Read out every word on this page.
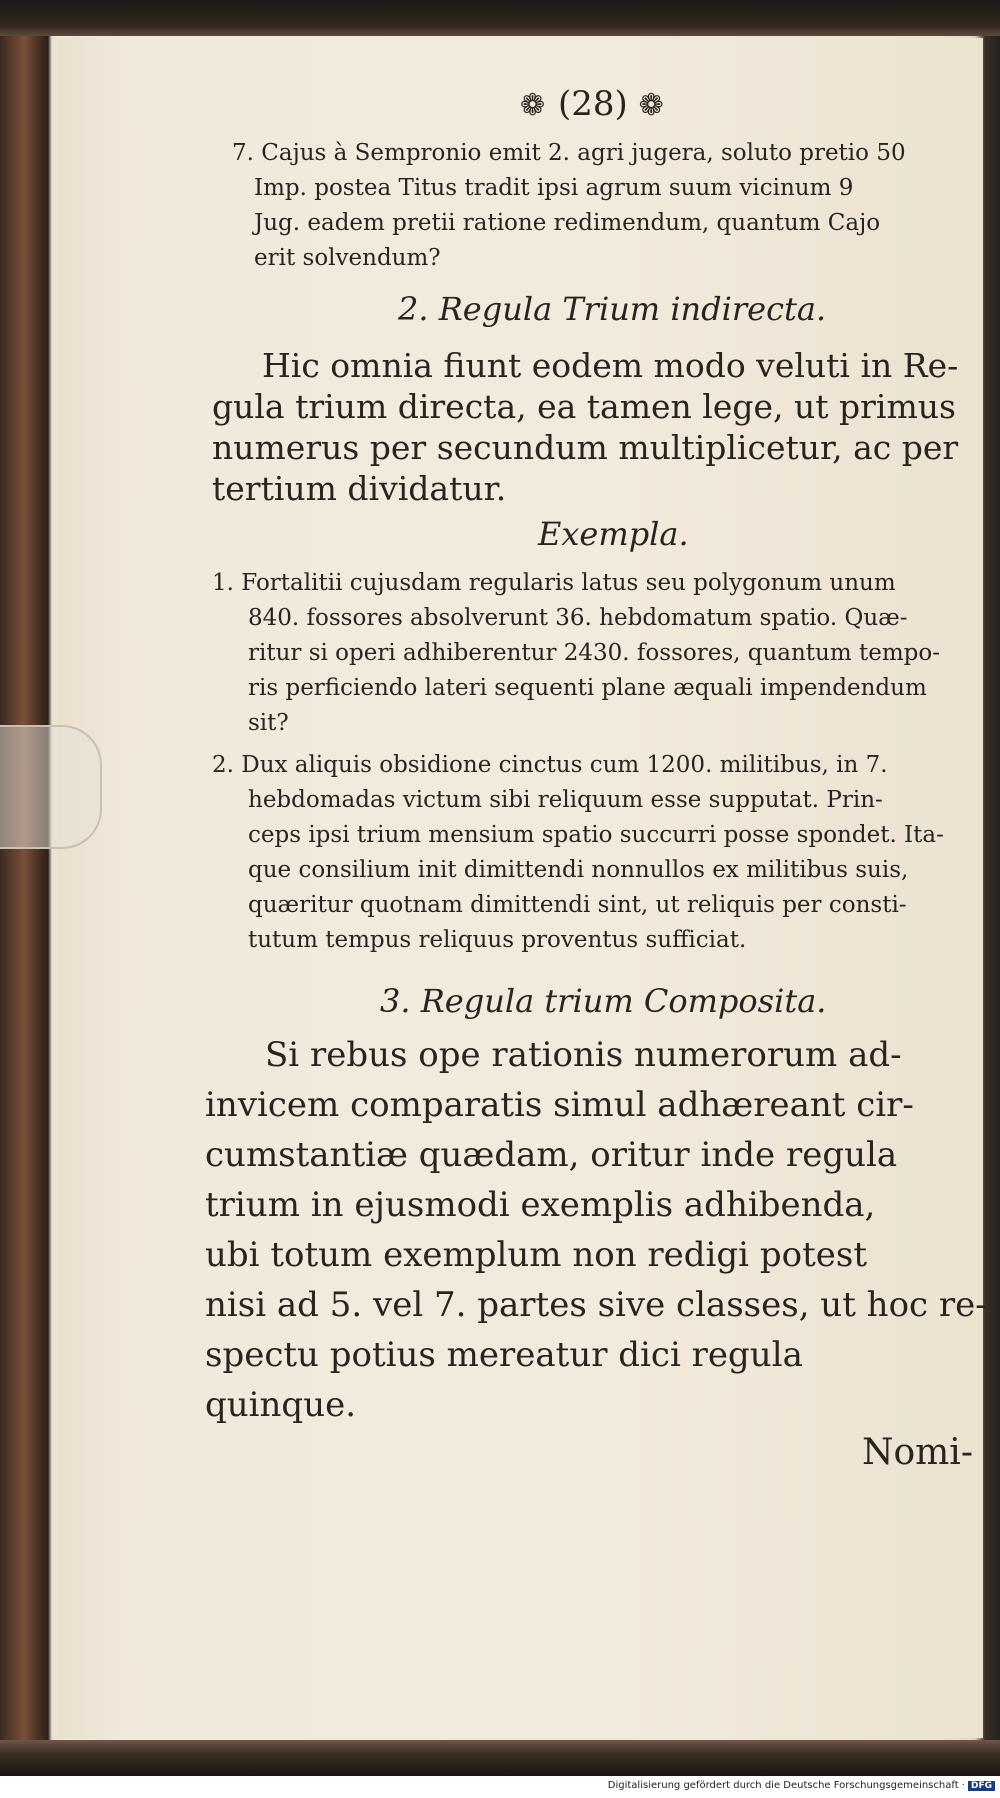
❁ (28) ❁
7. Cajus à Sempronio emit 2. agri jugera, soluto pretio 50
Imp. postea Titus tradit ipsi agrum suum vicinum 9
Jug. eadem pretii ratione redimendum, quantum Cajo
erit solvendum?
2. Regula Trium indirecta.
Hic omnia fiunt eodem modo veluti in Re-
gula trium directa, ea tamen lege, ut primus
numerus per secundum multiplicetur, ac per
tertium dividatur.
Exempla.
1. Fortalitii cujusdam regularis latus seu polygonum unum
840. fossores absolverunt 36. hebdomatum spatio. Quæ-
ritur si operi adhiberentur 2430. fossores, quantum tempo-
ris perficiendo lateri sequenti plane æquali impendendum
sit?
2. Dux aliquis obsidione cinctus cum 1200. militibus, in 7.
hebdomadas victum sibi reliquum esse supputat. Prin-
ceps ipsi trium mensium spatio succurri posse spondet. Ita-
que consilium init dimittendi nonnullos ex militibus suis,
quæritur quotnam dimittendi sint, ut reliquis per consti-
tutum tempus reliquus proventus sufficiat.
3. Regula trium Composita.
Si rebus ope rationis numerorum ad-
invicem comparatis simul adhæreant cir-
cumstantiæ quædam, oritur inde regula
trium in ejusmodi exemplis adhibenda,
ubi totum exemplum non redigi potest
nisi ad 5. vel 7. partes sive classes, ut hoc re-
spectu potius mereatur dici regula
quinque.
Nomi-
Digitalisierung gefördert durch die Deutsche Forschungsgemeinschaft · DFG
